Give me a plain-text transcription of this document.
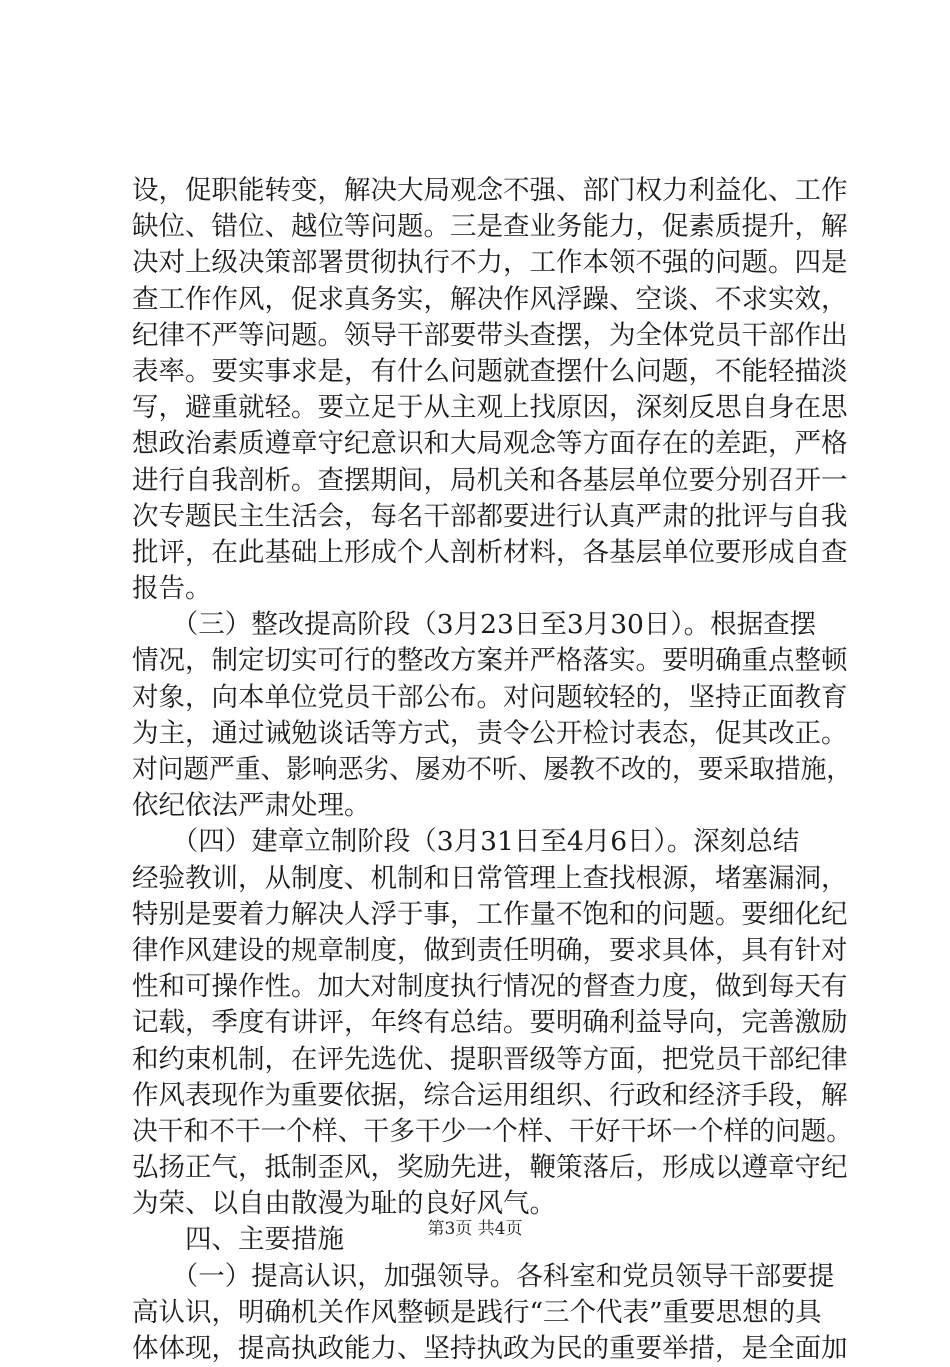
设，促职能转变，解决大局观念不强、部门权力利益化、工作
缺位、错位、越位等问题。三是查业务能力，促素质提升，解
决对上级决策部署贯彻执行不力，工作本领不强的问题。四是
查工作作风，促求真务实，解决作风浮躁、空谈、不求实效，
纪律不严等问题。领导干部要带头查摆，为全体党员干部作出
表率。要实事求是，有什么问题就查摆什么问题，不能轻描淡
写，避重就轻。要立足于从主观上找原因，深刻反思自身在思
想政治素质遵章守纪意识和大局观念等方面存在的差距，严格
进行自我剖析。查摆期间，局机关和各基层单位要分别召开一
次专题民主生活会，每名干部都要进行认真严肃的批评与自我
批评，在此基础上形成个人剖析材料，各基层单位要形成自查
报告。
　　（三）整改提高阶段（3月23日至3月30日）。根据查摆
情况，制定切实可行的整改方案并严格落实。要明确重点整顿
对象，向本单位党员干部公布。对问题较轻的，坚持正面教育
为主，通过诫勉谈话等方式，责令公开检讨表态，促其改正。
对问题严重、影响恶劣、屡劝不听、屡教不改的，要采取措施，
依纪依法严肃处理。
　　（四）建章立制阶段（3月31日至4月6日）。深刻总结
经验教训，从制度、机制和日常管理上查找根源，堵塞漏洞，
特别是要着力解决人浮于事，工作量不饱和的问题。要细化纪
律作风建设的规章制度，做到责任明确，要求具体，具有针对
性和可操作性。加大对制度执行情况的督查力度，做到每天有
记载，季度有讲评，年终有总结。要明确利益导向，完善激励
和约束机制，在评先选优、提职晋级等方面，把党员干部纪律
作风表现作为重要依据，综合运用组织、行政和经济手段，解
决干和不干一个样、干多干少一个样、干好干坏一个样的问题。
弘扬正气，抵制歪风，奖励先进，鞭策落后，形成以遵章守纪
为荣、以自由散漫为耻的良好风气。
　　四、主要措施
　　（一）提高认识，加强领导。各科室和党员领导干部要提
高认识，明确机关作风整顿是践行“三个代表”重要思想的具
体体现，提高执政能力、坚持执政为民的重要举措，是全面加
第3页 共4页
